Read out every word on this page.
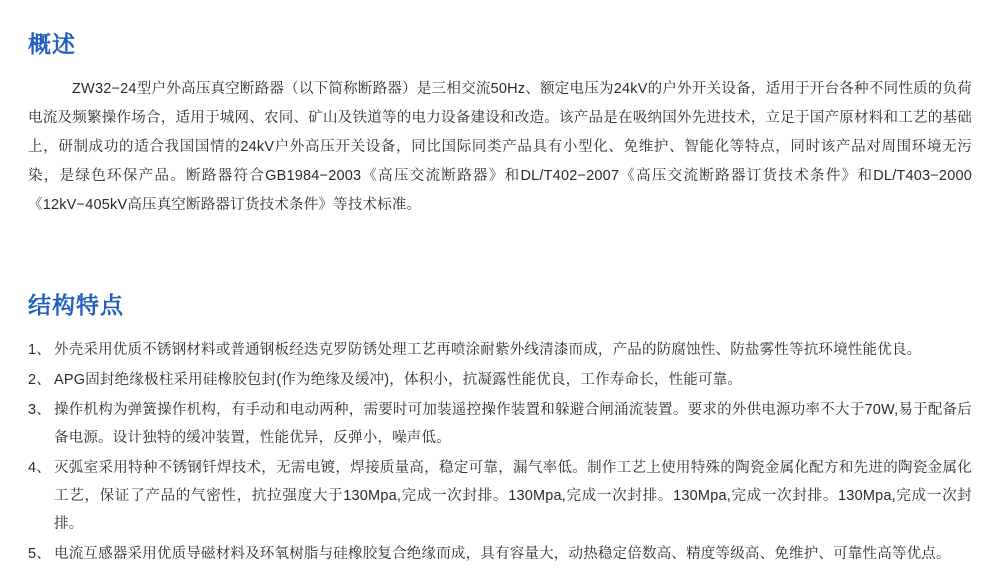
概述

ZW32−24型户外高压真空断路器（以下简称断路器）是三相交流50Hz、额定电压为24kV的户外开关设备，适用于开台各种不同性质的负荷电流及频繁操作场合，适用于城网、农同、矿山及铁道等的电力设备建设和改造。该产品是在吸纳国外先进技术，立足于国产原材料和工艺的基础上，研制成功的适合我国国情的24kV户外高压开关设备，同比国际同类产品具有小型化、免维护、智能化等特点，同时该产品对周围环境无污染，是绿色环保产品。断路器符合GB1984−2003《高压交流断路器》和DL/T402−2007《高压交流断路器订货技术条件》和DL/T403−2000《12kV−405kV高压真空断路器订货技术条件》等技术标准。

结构特点
1、 外壳采用优质不锈钢材料或普通钢板经迭克罗防锈处理工艺再喷涂耐紫外线清漆而成，产品的防腐蚀性、防盐雾性等抗环境性能优良。
2、 APG固封绝缘极柱采用硅橡胶包封(作为绝缘及缓冲)，体积小，抗凝露性能优良，工作寿命长，性能可靠。
3、 操作机构为弹簧操作机构，有手动和电动两种，需要时可加装遥控操作装置和躲避合闸涌流装置。要求的外供电源功率不大于70W,易于配备后备电源。设计独特的缓冲装置，性能优异，反弹小，噪声低。
4、 灭弧室采用特种不锈钢钎焊技术，无需电镀，焊接质量高，稳定可靠，漏气率低。制作工艺上使用特殊的陶瓷金属化配方和先进的陶瓷金属化工艺，保证了产品的气密性，抗拉强度大于130Mpa,完成一次封排。130Mpa,完成一次封排。130Mpa,完成一次封排。130Mpa,完成一次封排。
5、 电流互感器采用优质导磁材料及环氧树脂与硅橡胶复合绝缘而成，具有容量大，动热稳定倍数高、精度等级高、免维护、可靠性高等优点。
